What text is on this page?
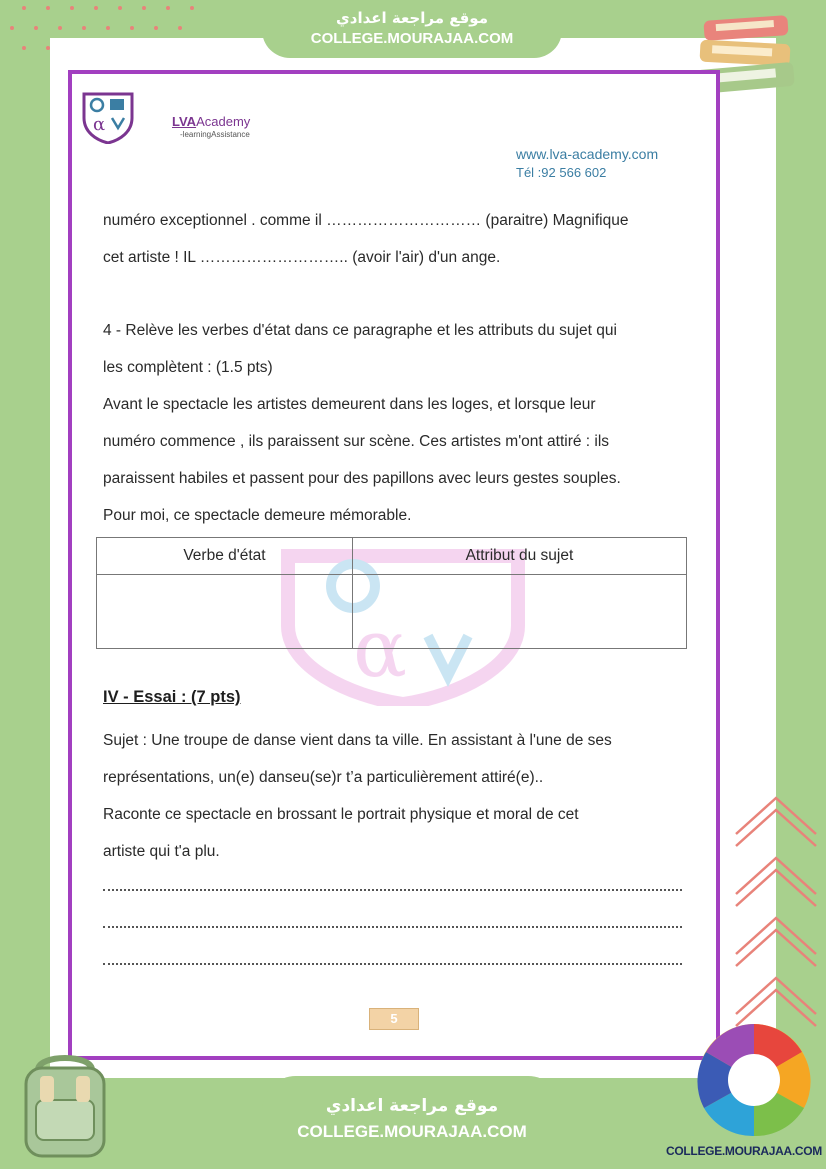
موقع مراجعة اعدادي
COLLEGE.MOURAJAA.COM
α	LVAAcademy
-learningAssistance
www.lva-academy.com
Tél :92 566 602
numéro exceptionnel . comme il ………………………… (paraitre) Magnifique
cet artiste ! IL ……………………….. (avoir l'air) d'un ange.
4 - Relève les verbes d'état dans ce paragraphe et les attributs du sujet qui
les complètent : (1.5 pts)
Avant le spectacle les artistes demeurent dans les loges, et lorsque leur
numéro commence , ils paraissent sur scène. Ces artistes m'ont attiré : ils
paraissent habiles et passent pour des papillons avec leurs gestes souples.
Pour moi, ce spectacle demeure mémorable.
α
Verbe d'état	Attribut du sujet

IV - Essai : (7 pts)
Sujet : Une troupe de danse vient dans ta ville. En assistant à l'une de ses
représentations, un(e) danseu(se)r t’a particulièrement attiré(e)..
Raconte ce spectacle en brossant le portrait physique et moral de cet
artiste qui t'a plu.
5
موقع مراجعة اعدادي
COLLEGE.MOURAJAA.COM
COLLEGE.MOURAJAA.COM
